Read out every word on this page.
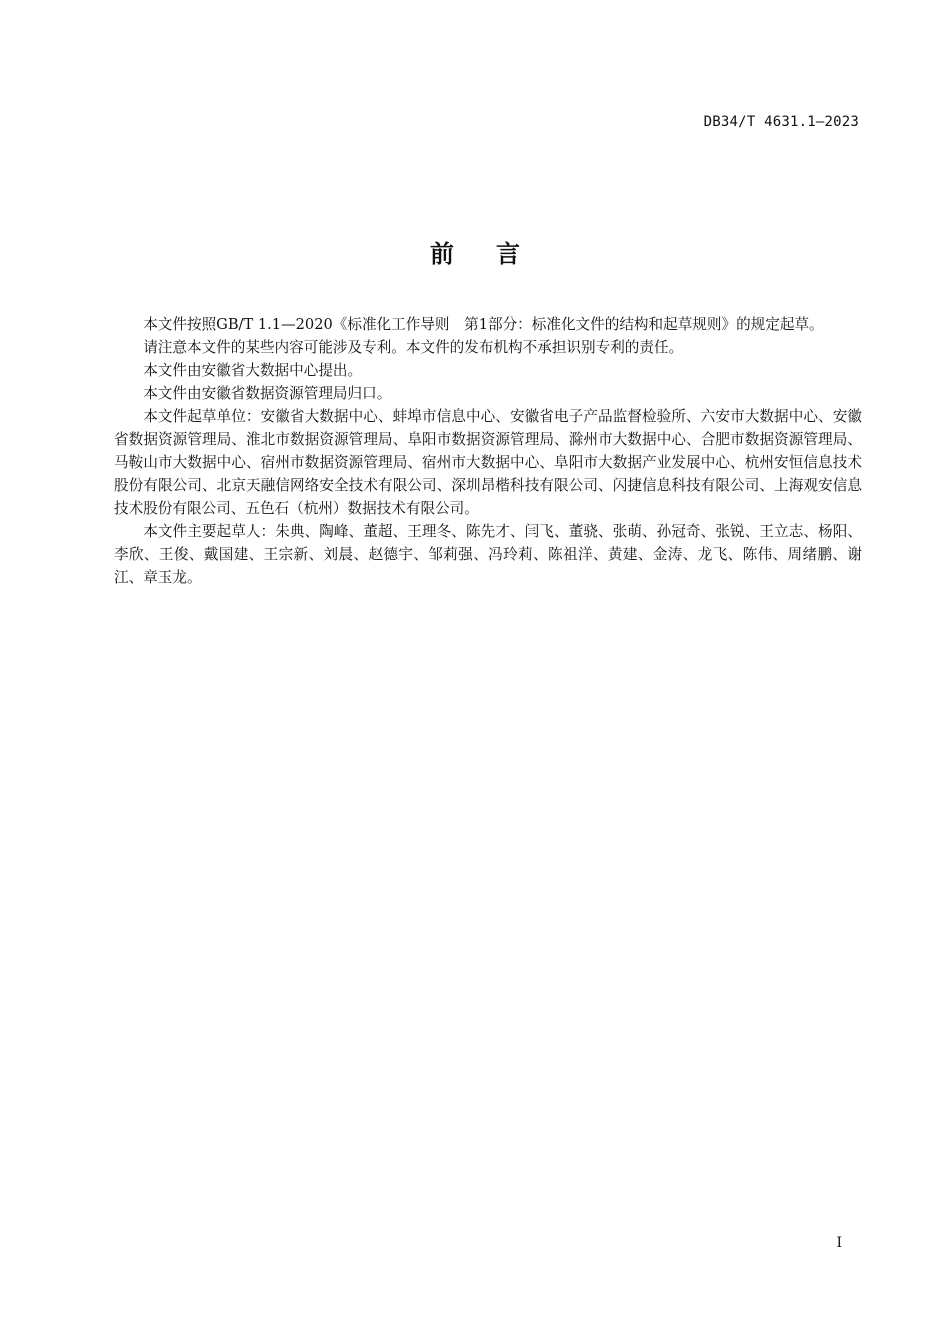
DB34/T 4631.1—2023
前言

本文件按照GB/T 1.1—2020《标准化工作导则　第1部分：标准化文件的结构和起草规则》的规定起草。

请注意本文件的某些内容可能涉及专利。本文件的发布机构不承担识别专利的责任。

本文件由安徽省大数据中心提出。

本文件由安徽省数据资源管理局归口。

本文件起草单位：安徽省大数据中心、蚌埠市信息中心、安徽省电子产品监督检验所、六安市大数据中心、安徽省数据资源管理局、淮北市数据资源管理局、阜阳市数据资源管理局、滁州市大数据中心、合肥市数据资源管理局、马鞍山市大数据中心、宿州市数据资源管理局、宿州市大数据中心、阜阳市大数据产业发展中心、杭州安恒信息技术股份有限公司、北京天融信网络安全技术有限公司、深圳昂楷科技有限公司、闪捷信息科技有限公司、上海观安信息技术股份有限公司、五色石（杭州）数据技术有限公司。

本文件主要起草人：朱典、陶峰、董超、王理冬、陈先才、闫飞、董骁、张萌、孙冠奇、张锐、王立志、杨阳、李欣、王俊、戴国建、王宗新、刘晨、赵德宇、邹莉强、冯玲莉、陈祖洋、黄建、金涛、龙飞、陈伟、周绪鹏、谢江、章玉龙。

I
